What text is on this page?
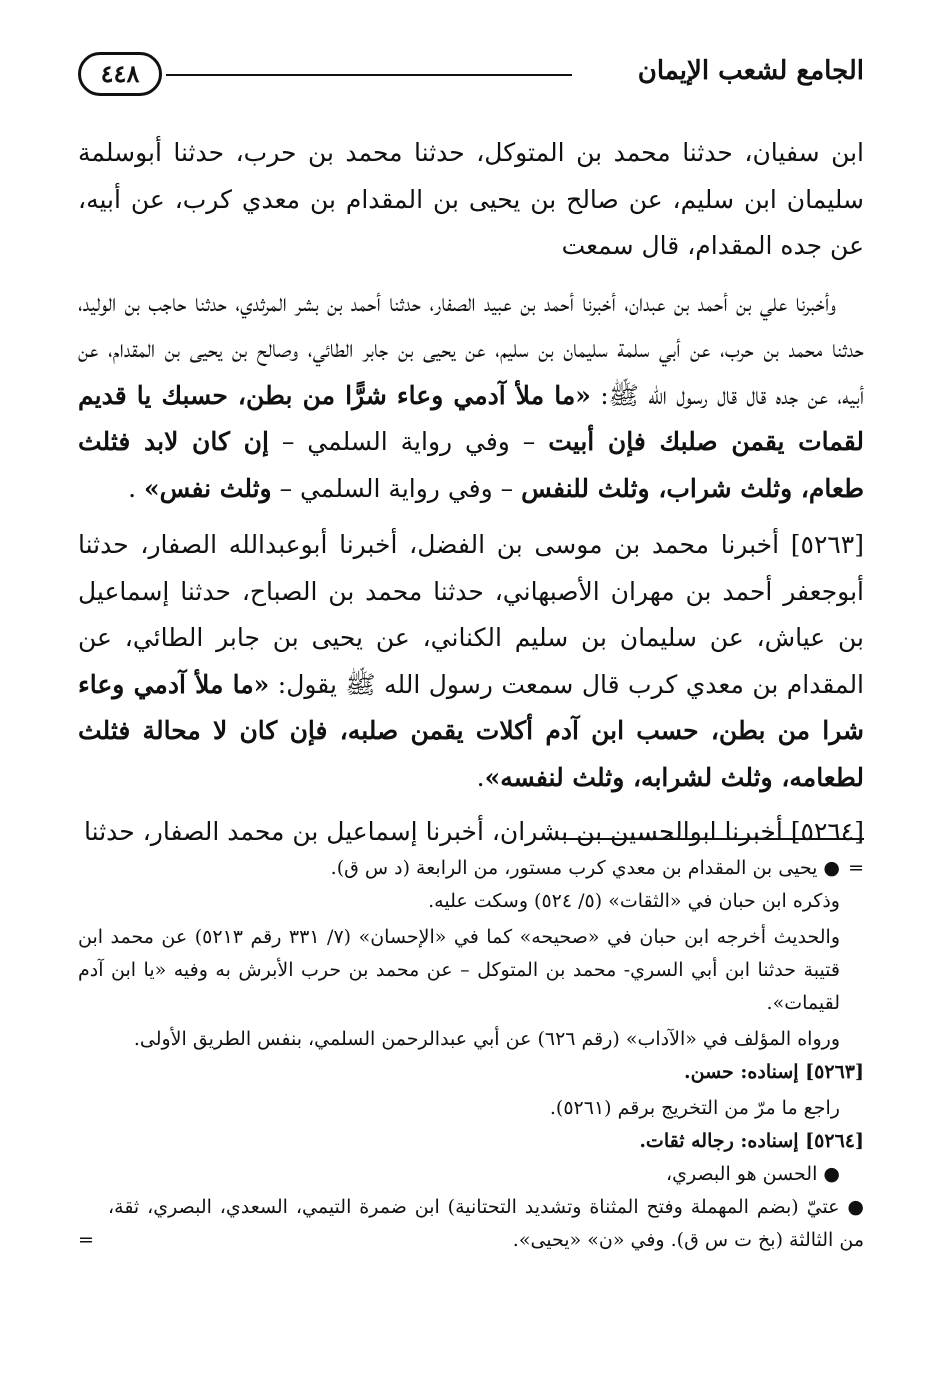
الجامع لشعب الإيمان
٤٤٨

ابن سفيان، حدثنا محمد بن المتوكل، حدثنا محمد بن حرب، حدثنا أبوسلمة سليمان ابن سليم، عن صالح بن يحيى بن المقدام بن معدي كرب، عن أبيه، عن جده المقدام، قال سمعت

وأخبرنا علي بن أحمد بن عبدان، أخبرنا أحمد بن عبيد الصفار، حدثنا أحمد بن بشر المرثدي، حدثنا حاجب بن الوليد، حدثنا محمد بن حرب، عن أبي سلمة سليمان بن سليم، عن يحيى بن جابر الطائي، وصالح بن يحيى بن المقدام، عن أبيه، عن جده قال قال رسول الله ﷺ: «ما ملأ آدمي وعاء شرًّا من بطن، حسبك يا قديم لقمات يقمن صلبك فإن أبيت – وفي رواية السلمي – إن كان لابد فثلث طعام، وثلث شراب، وثلث للنفس – وفي رواية السلمي – وثلث نفس» .

[٥٢٦٣] أخبرنا محمد بن موسى بن الفضل، أخبرنا أبوعبدالله الصفار، حدثنا أبوجعفر أحمد بن مهران الأصبهاني، حدثنا محمد بن الصباح، حدثنا إسماعيل بن عياش، عن سليمان بن سليم الكناني، عن يحيى بن جابر الطائي، عن المقدام بن معدي كرب قال سمعت رسول الله ﷺ يقول: «ما ملأ آدمي وعاء شرا من بطن، حسب ابن آدم أكلات يقمن صلبه، فإن كان لا محالة فثلث لطعامه، وثلث لشرابه، وثلث لنفسه».

[٥٢٦٤] أخبرنا ابوالحسين بن بشران، أخبرنا إسماعيل بن محمد الصفار، حدثنا

=● يحيى بن المقدام بن معدي كرب مستور، من الرابعة (د س ق).

وذكره ابن حبان في «الثقات» (٥/ ٥٢٤) وسكت عليه.

والحديث أخرجه ابن حبان في «صحيحه» كما في «الإحسان» (٧/ ٣٣١ رقم ٥٢١٣) عن محمد ابن قتيبة حدثنا ابن أبي السري- محمد بن المتوكل – عن محمد بن حرب الأبرش به وفيه «يا ابن آدم لقيمات».

ورواه المؤلف في «الآداب» (رقم ٦٢٦) عن أبي عبدالرحمن السلمي، بنفس الطريق الأولى.

[٥٢٦٣] إسناده: حسن.

راجع ما مرّ من التخريج برقم (٥٢٦١).

[٥٢٦٤] إسناده: رجاله ثقات.

● الحسن هو البصري،

● عتيّ (بضم المهملة وفتح المثناة وتشديد التحتانية) ابن ضمرة التيمي، السعدي، البصري، ثقة، من الثالثة (بخ ت س ق). وفي «ن» «يحيى».
=
